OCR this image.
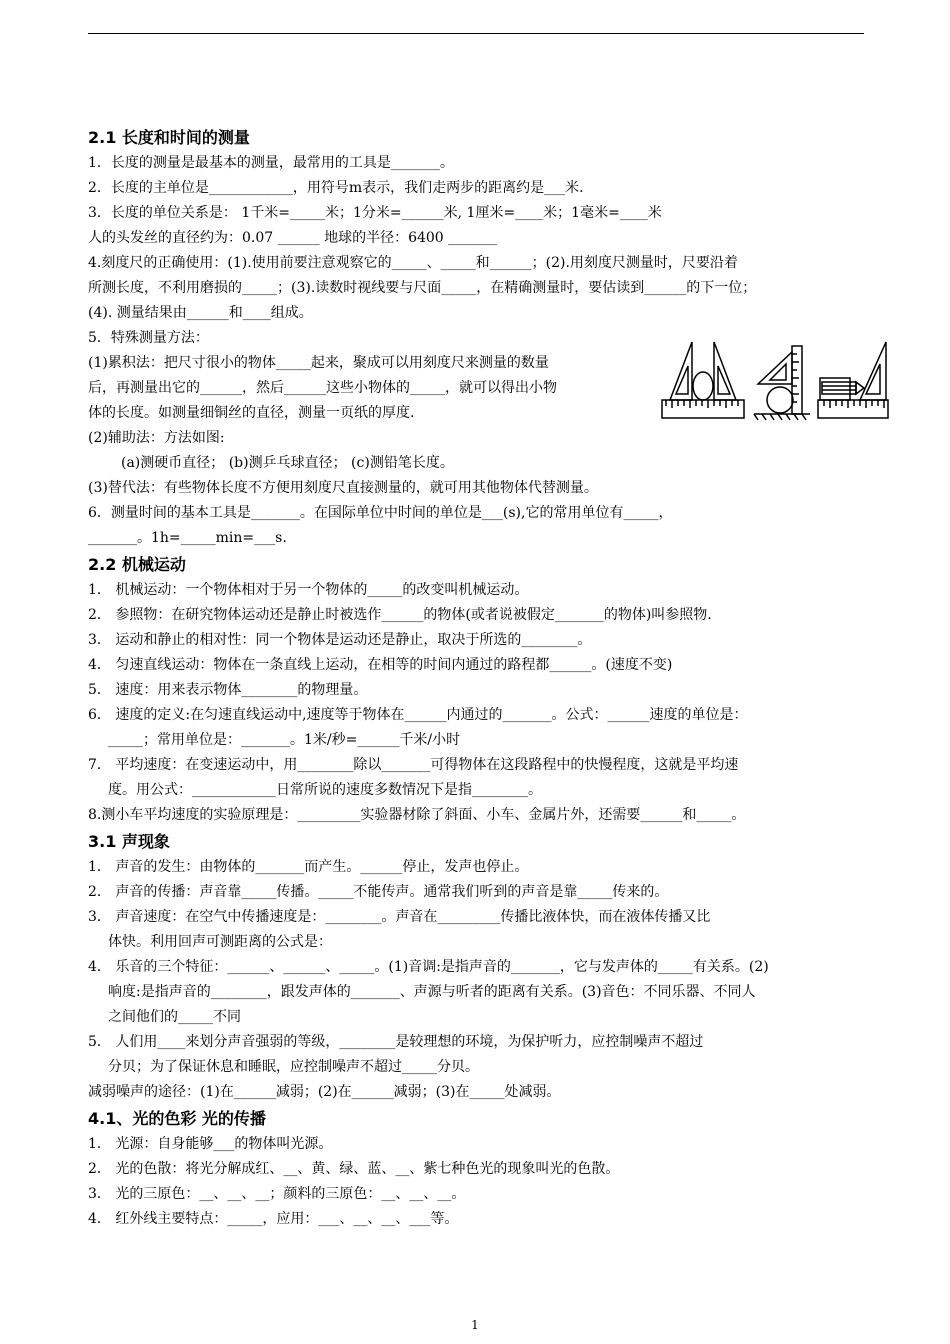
2.1 长度和时间的测量
1．长度的测量是最基本的测量，最常用的工具是_______。
2．长度的主单位是____________，用符号m表示，我们走两步的距离约是___米.
3．长度的单位关系是： 1千米=_____米；1分米=______米, 1厘米=____米；1毫米=____米
人的头发丝的直径约为：0.07 ______ 地球的半径：6400 _______
4.刻度尺的正确使用：(1).使用前要注意观察它的_____、_____和______；(2).用刻度尺测量时，尺要沿着
所测长度，不利用磨损的_____；(3).读数时视线要与尺面_____，在精确测量时，要估读到______的下一位；
(4). 测量结果由______和____组成。
5．特殊测量方法：
(1)累积法：把尺寸很小的物体_____起来，聚成可以用刻度尺来测量的数量
后，再测量出它的______，然后______这些小物体的_____，就可以得出小物
体的长度。如测量细铜丝的直径，测量一页纸的厚度.
(2)辅助法：方法如图:
(a)测硬币直径； (b)测乒乓球直径； (c)测铅笔长度。
(3)替代法：有些物体长度不方便用刻度尺直接测量的，就可用其他物体代替测量。
6．测量时间的基本工具是_______。在国际单位中时间的单位是___(s),它的常用单位有_____，
_______。1h=_____min=___s.
2.2 机械运动
1． 机械运动：一个物体相对于另一个物体的_____的改变叫机械运动。
2． 参照物：在研究物体运动还是静止时被选作______的物体(或者说被假定_______的物体)叫参照物.
3． 运动和静止的相对性：同一个物体是运动还是静止，取决于所选的________。
4． 匀速直线运动：物体在一条直线上运动，在相等的时间内通过的路程都______。(速度不变)
5． 速度：用来表示物体________的物理量。
6． 速度的定义:在匀速直线运动中,速度等于物体在______内通过的_______。公式：______速度的单位是：
_____；常用单位是：_______。1米/秒=______千米/小时
7． 平均速度：在变速运动中，用________除以_______可得物体在这段路程中的快慢程度，这就是平均速
度。用公式：____________日常所说的速度多数情况下是指________。
8.测小车平均速度的实验原理是：_________实验器材除了斜面、小车、金属片外，还需要______和_____。
3.1 声现象
1． 声音的发生：由物体的_______而产生。______停止，发声也停止。
2． 声音的传播：声音靠_____传播。_____不能传声。通常我们听到的声音是靠_____传来的。
3． 声音速度：在空气中传播速度是：________。声音在_________传播比液体快，而在液体传播又比
体快。利用回声可测距离的公式是：
4． 乐音的三个特征：______、______、_____。(1)音调:是指声音的_______，它与发声体的_____有关系。(2)
响度:是指声音的________，跟发声体的_______、声源与听者的距离有关系。(3)音色：不同乐器、不同人
之间他们的_____不同
5． 人们用____来划分声音强弱的等级，________是较理想的环境，为保护听力，应控制噪声不超过
分贝；为了保证休息和睡眠，应控制噪声不超过_____分贝。
减弱噪声的途径：(1)在______减弱；(2)在______减弱；(3)在_____处减弱。
4.1、光的色彩 光的传播
1． 光源：自身能够___的物体叫光源。
2． 光的色散：将光分解成红、__、黄、绿、蓝、__、紫七种色光的现象叫光的色散。
3． 光的三原色：__、__、__；颜料的三原色：__、__、__。
4． 红外线主要特点：_____，应用：___、__、__、___等。
1
